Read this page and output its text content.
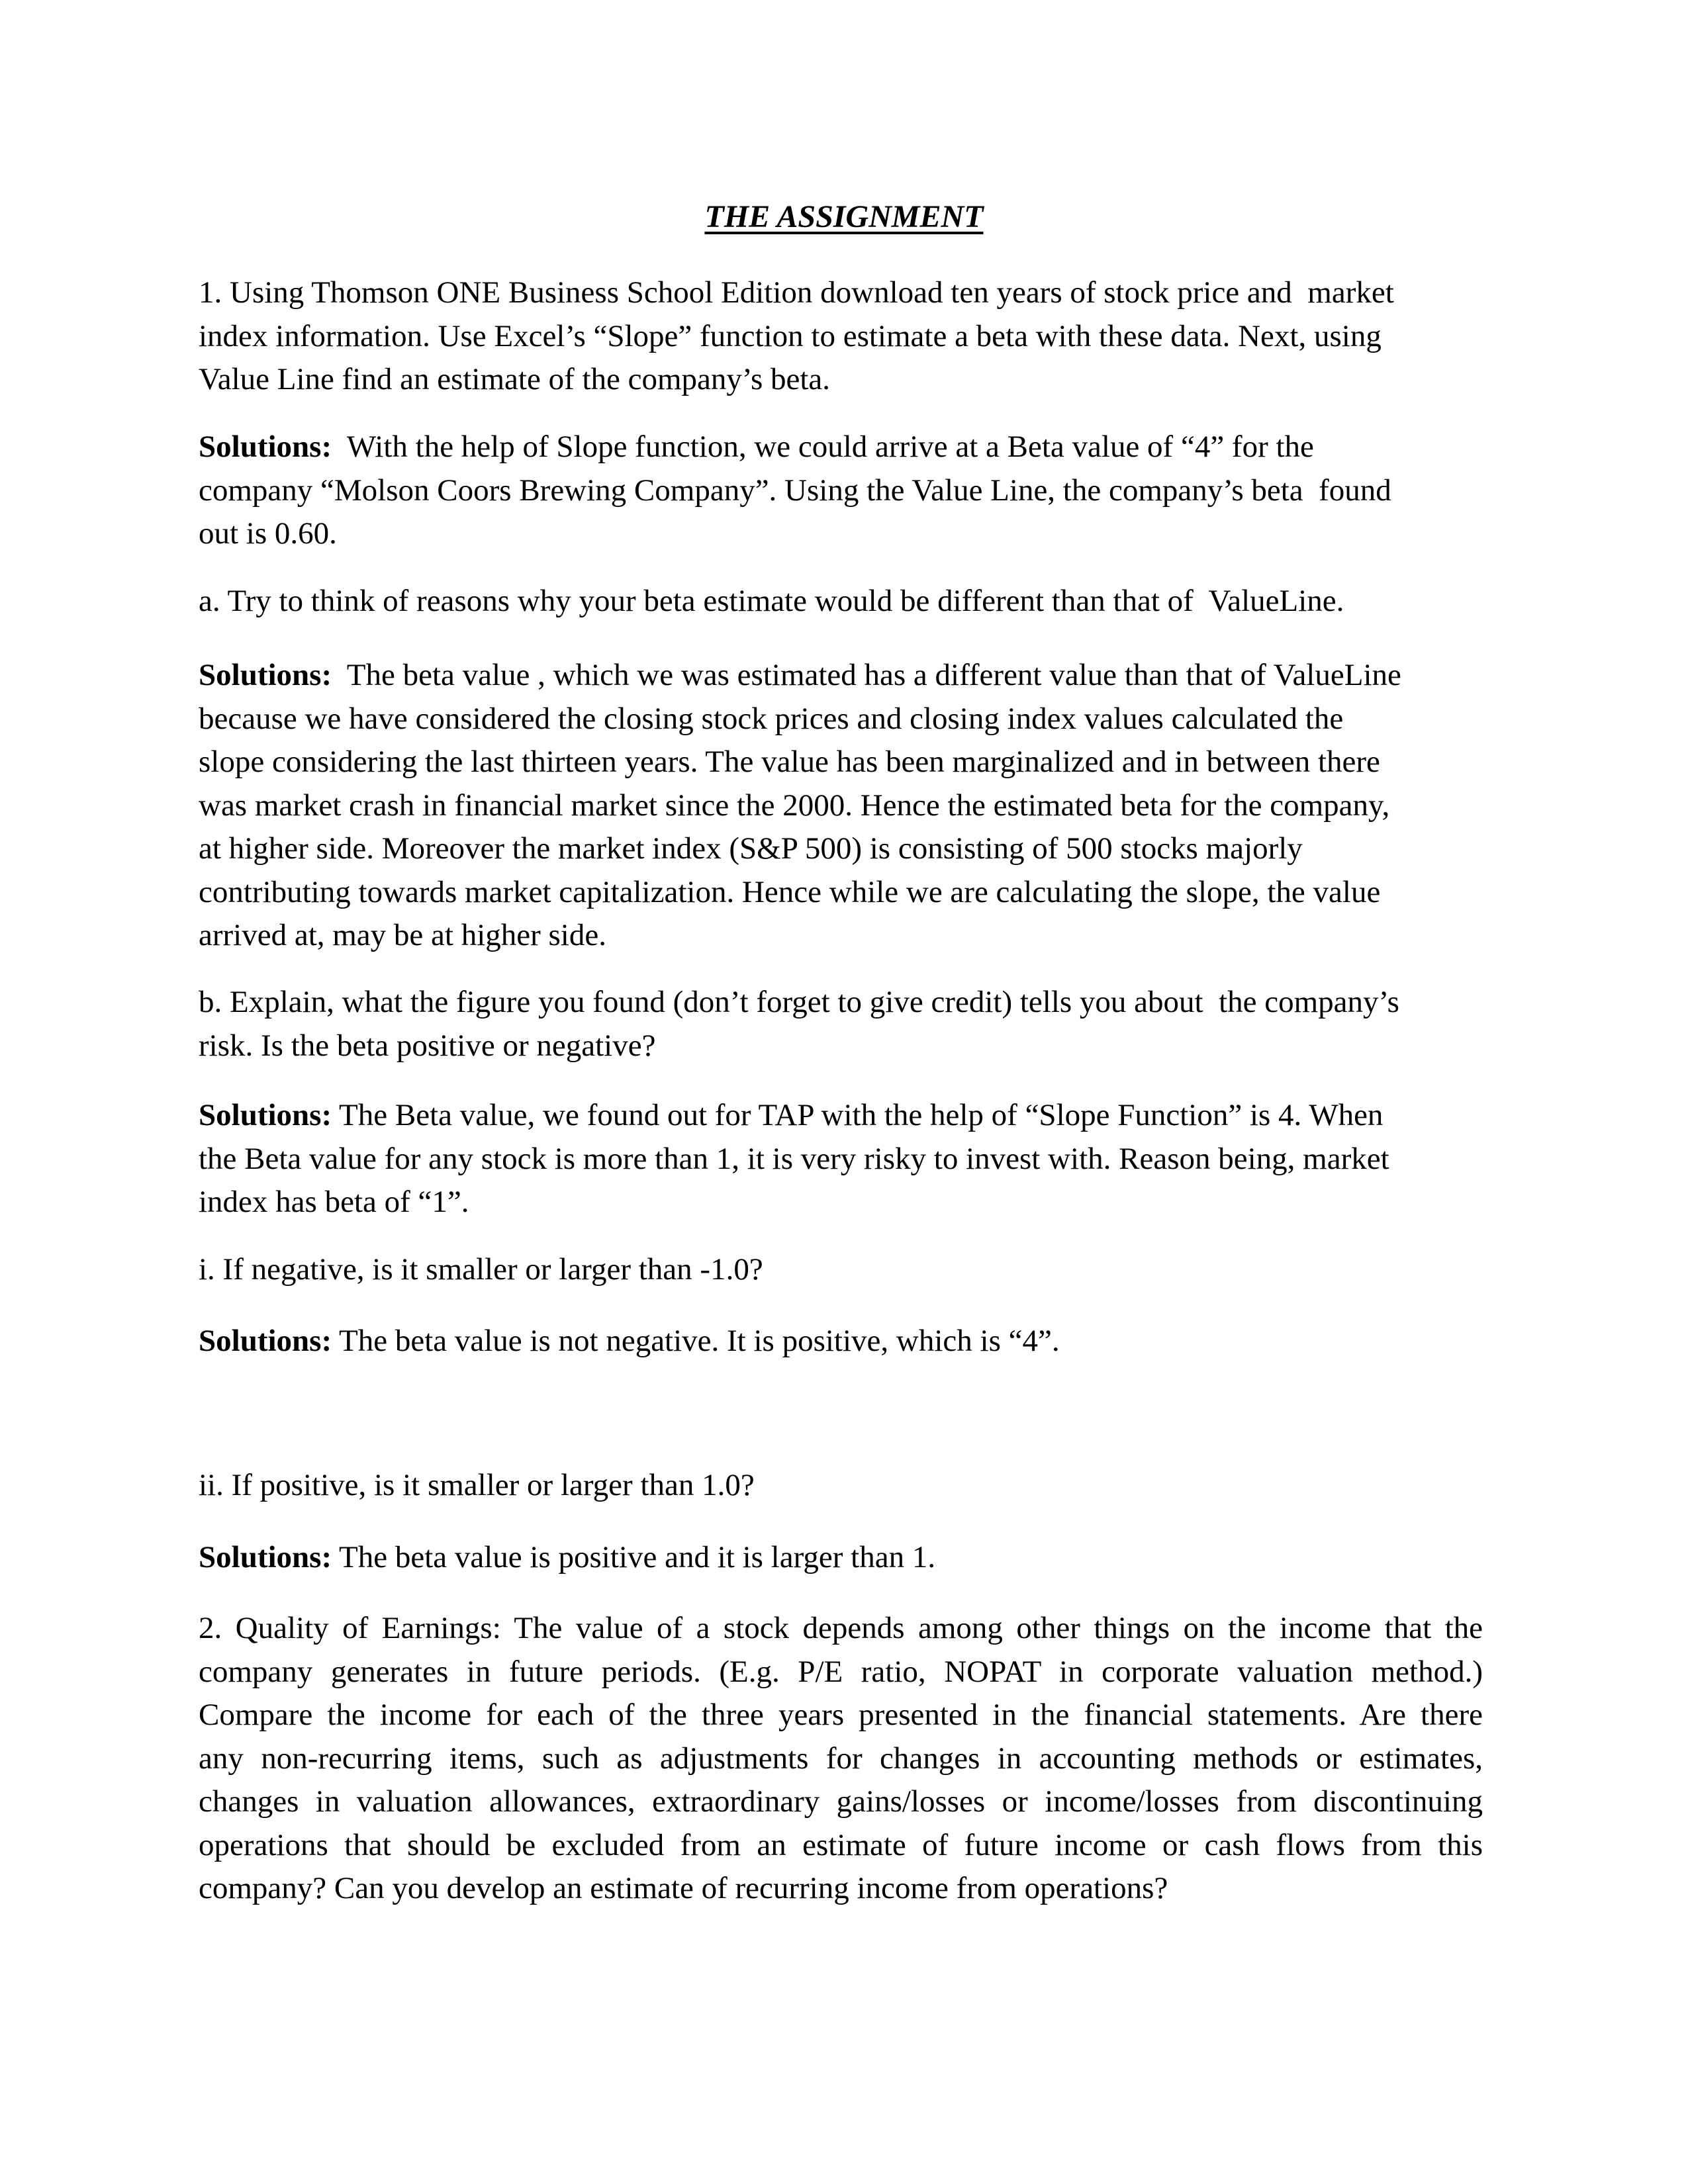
THE ASSIGNMENT
1. Using Thomson ONE Business School Edition download ten years of stock price and  market
index information. Use Excel’s “Slope” function to estimate a beta with these data. Next, using
Value Line find an estimate of the company’s beta.
Solutions:  With the help of Slope function, we could arrive at a Beta value of “4” for the
company “Molson Coors Brewing Company”. Using the Value Line, the company’s beta  found
out is 0.60.
a. Try to think of reasons why your beta estimate would be different than that of  ValueLine.
Solutions:  The beta value , which we was estimated has a different value than that of ValueLine
because we have considered the closing stock prices and closing index values calculated the
slope considering the last thirteen years. The value has been marginalized and in between there
was market crash in financial market since the 2000. Hence the estimated beta for the company,
at higher side. Moreover the market index (S&P 500) is consisting of 500 stocks majorly
contributing towards market capitalization. Hence while we are calculating the slope, the value
arrived at, may be at higher side.
b. Explain, what the figure you found (don’t forget to give credit) tells you about  the company’s
risk. Is the beta positive or negative?
Solutions: The Beta value, we found out for TAP with the help of “Slope Function” is 4. When
the Beta value for any stock is more than 1, it is very risky to invest with. Reason being, market
index has beta of “1”.
i. If negative, is it smaller or larger than -1.0?
Solutions: The beta value is not negative. It is positive, which is “4”.
ii. If positive, is it smaller or larger than 1.0?
Solutions: The beta value is positive and it is larger than 1.
2. Quality of Earnings: The value of a stock depends among other things on the income that the
company generates in future periods. (E.g. P/E ratio, NOPAT in corporate valuation method.)
Compare the income for each of the three years presented in the financial statements. Are there
any non-recurring items, such as adjustments for changes in accounting methods or estimates,
changes in valuation allowances, extraordinary gains/losses or income/losses from discontinuing
operations that should be excluded from an estimate of future income or cash flows from this
company? Can you develop an estimate of recurring income from operations?
